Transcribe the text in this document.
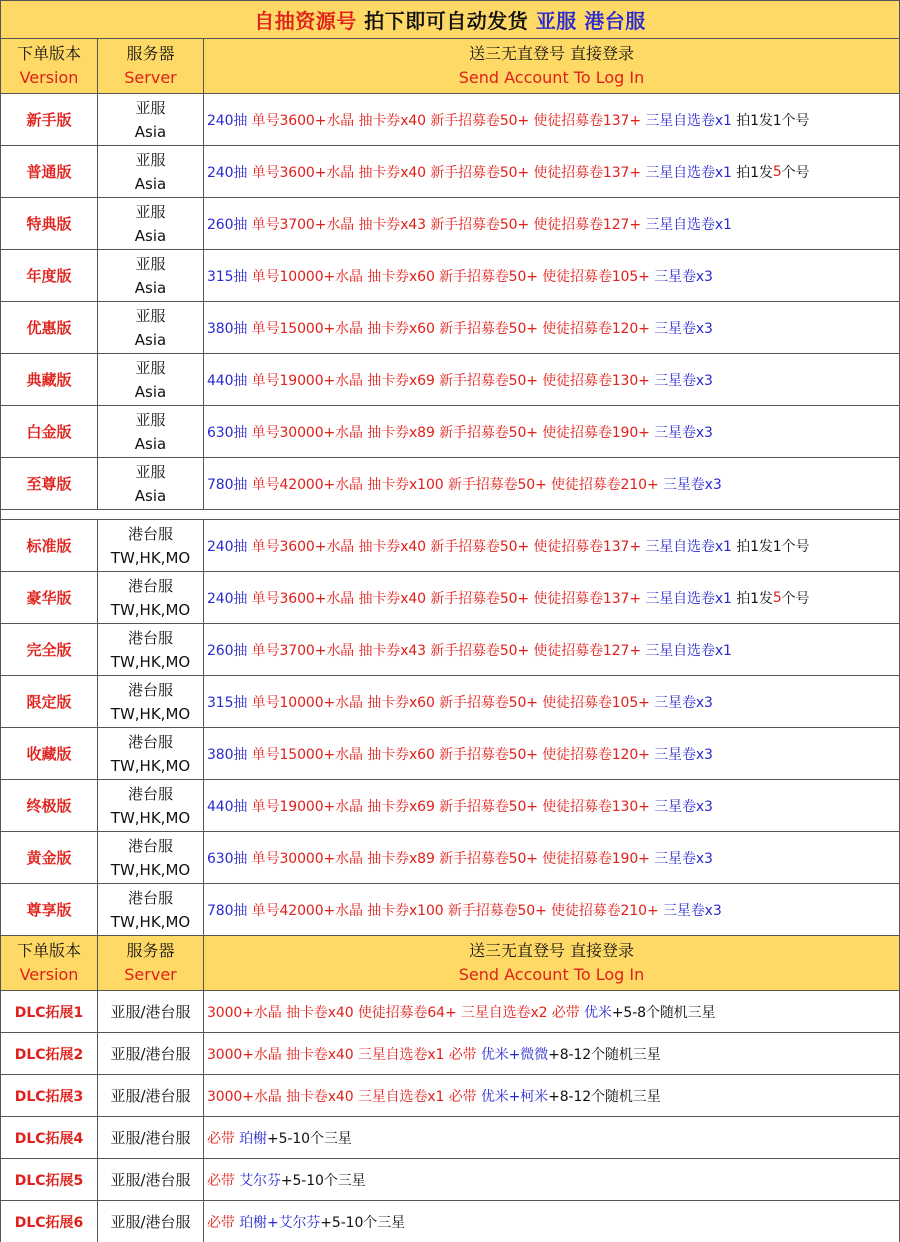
自抽资源号 拍下即可自动发货 亚服 港台服
下单版本
Version
服务器
Server
送三无直登号 直接登录
Send Account To Log In
新手版
亚服
Asia
240抽 单号3600+水晶 抽卡券x40 新手招募卷50+ 使徒招募卷137+ 三星自选卷x1 拍1发1个号
普通版
亚服
Asia
240抽 单号3600+水晶 抽卡券x40 新手招募卷50+ 使徒招募卷137+ 三星自选卷x1 拍1发 5 个号
特典版
亚服
Asia
260抽 单号3700+水晶 抽卡券x43 新手招募卷50+ 使徒招募卷127+ 三星自选卷x1
年度版
亚服
Asia
315抽 单号10000+水晶 抽卡券x60 新手招募卷50+ 使徒招募卷105+ 三星卷x3
优惠版
亚服
Asia
380抽 单号15000+水晶 抽卡券x60 新手招募卷50+ 使徒招募卷120+ 三星卷x3
典藏版
亚服
Asia
440抽 单号19000+水晶 抽卡券x69 新手招募卷50+ 使徒招募卷130+ 三星卷x3
白金版
亚服
Asia
630抽 单号30000+水晶 抽卡券x89 新手招募卷50+ 使徒招募卷190+ 三星卷x3
至尊版
亚服
Asia
780抽 单号42000+水晶 抽卡券x100 新手招募卷50+ 使徒招募卷210+ 三星卷x3
标准版
港台服
TW,HK,MO
240抽 单号3600+水晶 抽卡券x40 新手招募卷50+ 使徒招募卷137+ 三星自选卷x1 拍1发1个号
豪华版
港台服
TW,HK,MO
240抽 单号3600+水晶 抽卡券x40 新手招募卷50+ 使徒招募卷137+ 三星自选卷x1 拍1发 5 个号
完全版
港台服
TW,HK,MO
260抽 单号3700+水晶 抽卡券x43 新手招募卷50+ 使徒招募卷127+ 三星自选卷x1
限定版
港台服
TW,HK,MO
315抽 单号10000+水晶 抽卡券x60 新手招募卷50+ 使徒招募卷105+ 三星卷x3
收藏版
港台服
TW,HK,MO
380抽 单号15000+水晶 抽卡券x60 新手招募卷50+ 使徒招募卷120+ 三星卷x3
终极版
港台服
TW,HK,MO
440抽 单号19000+水晶 抽卡券x69 新手招募卷50+ 使徒招募卷130+ 三星卷x3
黄金版
港台服
TW,HK,MO
630抽 单号30000+水晶 抽卡券x89 新手招募卷50+ 使徒招募卷190+ 三星卷x3
尊享版
港台服
TW,HK,MO
780抽 单号42000+水晶 抽卡券x100 新手招募卷50+ 使徒招募卷210+ 三星卷x3
下单版本
Version
服务器
Server
送三无直登号 直接登录
Send Account To Log In
DLC拓展1 亚服/港台服 3000+水晶 抽卡卷x40 使徒招募卷64+ 三星自选卷x2 必带 优米 +5-8个随机三星
DLC拓展2 亚服/港台服 3000+水晶 抽卡卷x40 三星自选卷x1 必带 优米+微微 +8-12个随机三星
DLC拓展3 亚服/港台服 3000+水晶 抽卡卷x40 三星自选卷x1 必带 优米+柯米 +8-12个随机三星
DLC拓展4 亚服/港台服 必带 珀榭 +5-10个三星
DLC拓展5 亚服/港台服 必带 艾尔芬 +5-10个三星
DLC拓展6 亚服/港台服 必带 珀榭+艾尔芬 +5-10个三星
